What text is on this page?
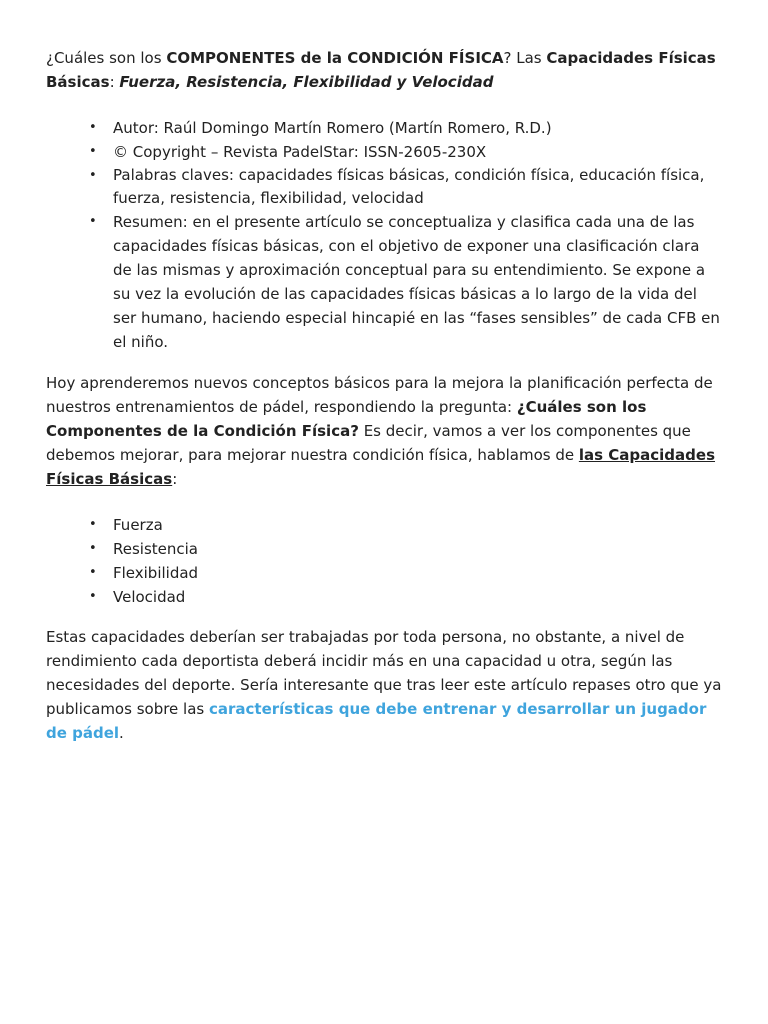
¿Cuáles son los COMPONENTES de la CONDICIÓN FÍSICA? Las Capacidades Físicas Básicas: Fuerza, Resistencia, Flexibilidad y Velocidad

• Autor: Raúl Domingo Martín Romero (Martín Romero, R.D.)
• © Copyright – Revista PadelStar: ISSN-2605-230X
• Palabras claves: capacidades físicas básicas, condición física, educación física, fuerza, resistencia, flexibilidad, velocidad
• Resumen: en el presente artículo se conceptualiza y clasifica cada una de las capacidades físicas básicas, con el objetivo de exponer una clasificación clara de las mismas y aproximación conceptual para su entendimiento. Se expone a su vez la evolución de las capacidades físicas básicas a lo largo de la vida del ser humano, haciendo especial hincapié en las “fases sensibles” de cada CFB en el niño.

Hoy aprenderemos nuevos conceptos básicos para la mejora la planificación perfecta de nuestros entrenamientos de pádel, respondiendo la pregunta: ¿Cuáles son los Componentes de la Condición Física? Es decir, vamos a ver los componentes que debemos mejorar, para mejorar nuestra condición física, hablamos de las Capacidades Físicas Básicas:

• Fuerza
• Resistencia
• Flexibilidad
• Velocidad

Estas capacidades deberían ser trabajadas por toda persona, no obstante, a nivel de rendimiento cada deportista deberá incidir más en una capacidad u otra, según las necesidades del deporte. Sería interesante que tras leer este artículo repases otro que ya publicamos sobre las características que debe entrenar y desarrollar un jugador de pádel.
